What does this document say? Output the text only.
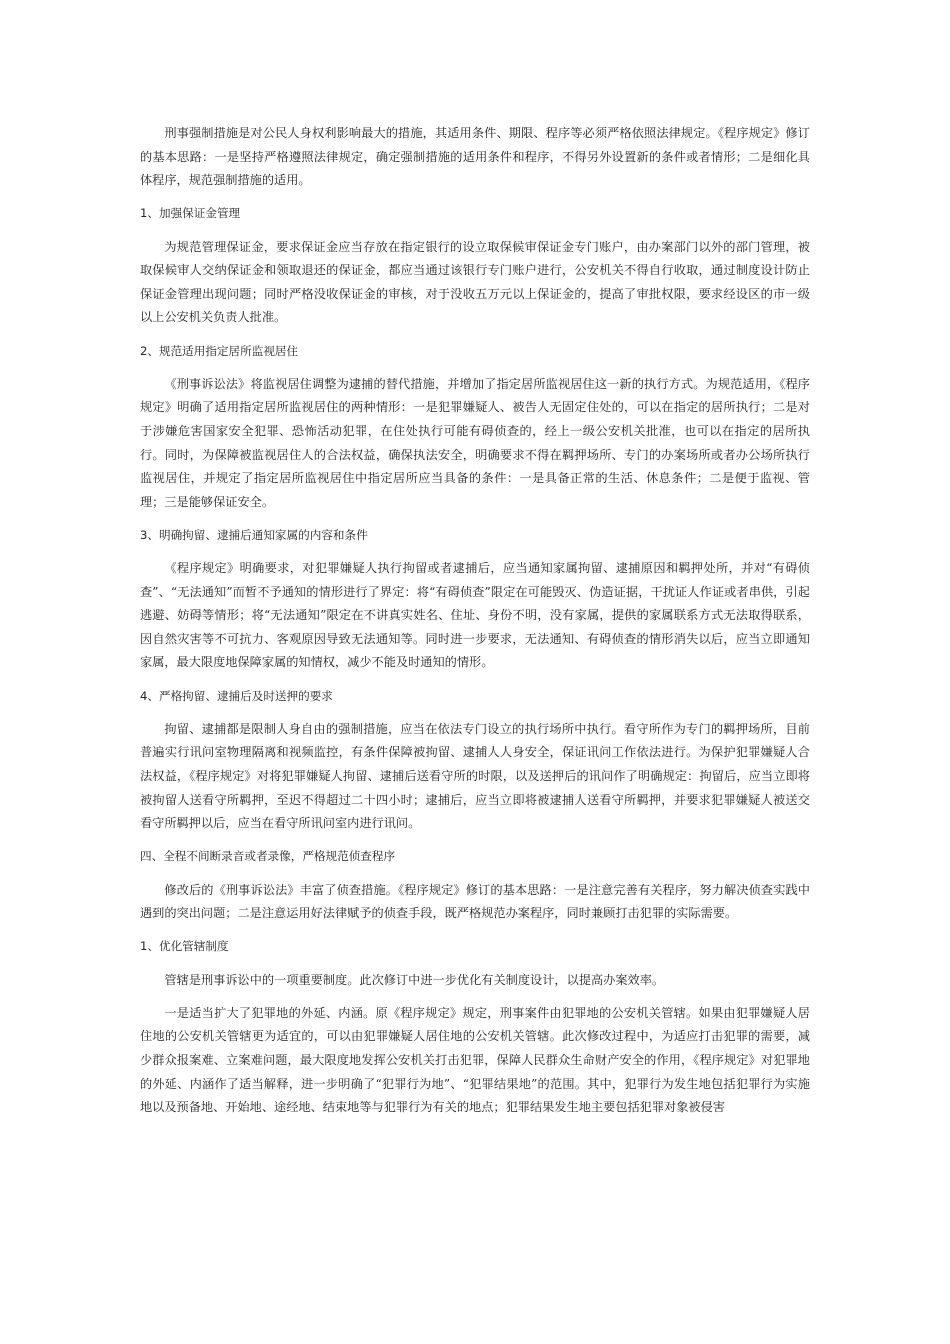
刑事强制措施是对公民人身权利影响最大的措施，其适用条件、期限、程序等必须严格依照法律规定。《程序规定》修订的基本思路：一是坚持严格遵照法律规定，确定强制措施的适用条件和程序，不得另外设置新的条件或者情形；二是细化具体程序，规范强制措施的适用。

1、加强保证金管理

为规范管理保证金，要求保证金应当存放在指定银行的设立取保候审保证金专门账户，由办案部门以外的部门管理，被取保候审人交纳保证金和领取退还的保证金，都应当通过该银行专门账户进行，公安机关不得自行收取，通过制度设计防止保证金管理出现问题；同时严格没收保证金的审核，对于没收五万元以上保证金的，提高了审批权限，要求经设区的市一级以上公安机关负责人批准。

2、规范适用指定居所监视居住

《刑事诉讼法》将监视居住调整为逮捕的替代措施，并增加了指定居所监视居住这一新的执行方式。为规范适用，《程序规定》明确了适用指定居所监视居住的两种情形：一是犯罪嫌疑人、被告人无固定住处的，可以在指定的居所执行；二是对于涉嫌危害国家安全犯罪、恐怖活动犯罪，在住处执行可能有碍侦查的，经上一级公安机关批准，也可以在指定的居所执行。同时，为保障被监视居住人的合法权益，确保执法安全，明确要求不得在羁押场所、专门的办案场所或者办公场所执行监视居住，并规定了指定居所监视居住中指定居所应当具备的条件：一是具备正常的生活、休息条件；二是便于监视、管理；三是能够保证安全。

3、明确拘留、逮捕后通知家属的内容和条件

《程序规定》明确要求，对犯罪嫌疑人执行拘留或者逮捕后，应当通知家属拘留、逮捕原因和羁押处所，并对“有碍侦查”、“无法通知”而暂不予通知的情形进行了界定：将“有碍侦查”限定在可能毁灭、伪造证据，干扰证人作证或者串供，引起逃避、妨碍等情形；将“无法通知”限定在不讲真实姓名、住址、身份不明，没有家属，提供的家属联系方式无法取得联系，因自然灾害等不可抗力、客观原因导致无法通知等。同时进一步要求，无法通知、有碍侦查的情形消失以后，应当立即通知家属，最大限度地保障家属的知情权，减少不能及时通知的情形。

4、严格拘留、逮捕后及时送押的要求

拘留、逮捕都是限制人身自由的强制措施，应当在依法专门设立的执行场所中执行。看守所作为专门的羁押场所，目前普遍实行讯问室物理隔离和视频监控，有条件保障被拘留、逮捕人人身安全，保证讯问工作依法进行。为保护犯罪嫌疑人合法权益，《程序规定》对将犯罪嫌疑人拘留、逮捕后送看守所的时限，以及送押后的讯问作了明确规定：拘留后，应当立即将被拘留人送看守所羁押，至迟不得超过二十四小时；逮捕后，应当立即将被逮捕人送看守所羁押，并要求犯罪嫌疑人被送交看守所羁押以后，应当在看守所讯问室内进行讯问。

四、全程不间断录音或者录像，严格规范侦查程序

修改后的《刑事诉讼法》丰富了侦查措施。《程序规定》修订的基本思路：一是注意完善有关程序，努力解决侦查实践中遇到的突出问题；二是注意运用好法律赋予的侦查手段，既严格规范办案程序，同时兼顾打击犯罪的实际需要。

1、优化管辖制度

管辖是刑事诉讼中的一项重要制度。此次修订中进一步优化有关制度设计，以提高办案效率。

一是适当扩大了犯罪地的外延、内涵。原《程序规定》规定，刑事案件由犯罪地的公安机关管辖。如果由犯罪嫌疑人居住地的公安机关管辖更为适宜的，可以由犯罪嫌疑人居住地的公安机关管辖。此次修改过程中，为适应打击犯罪的需要，减少群众报案难、立案难问题，最大限度地发挥公安机关打击犯罪，保障人民群众生命财产安全的作用，《程序规定》对犯罪地的外延、内涵作了适当解释，进一步明确了“犯罪行为地”、“犯罪结果地”的范围。其中，犯罪行为发生地包括犯罪行为实施地以及预备地、开始地、途经地、结束地等与犯罪行为有关的地点；犯罪结果发生地主要包括犯罪对象被侵害
